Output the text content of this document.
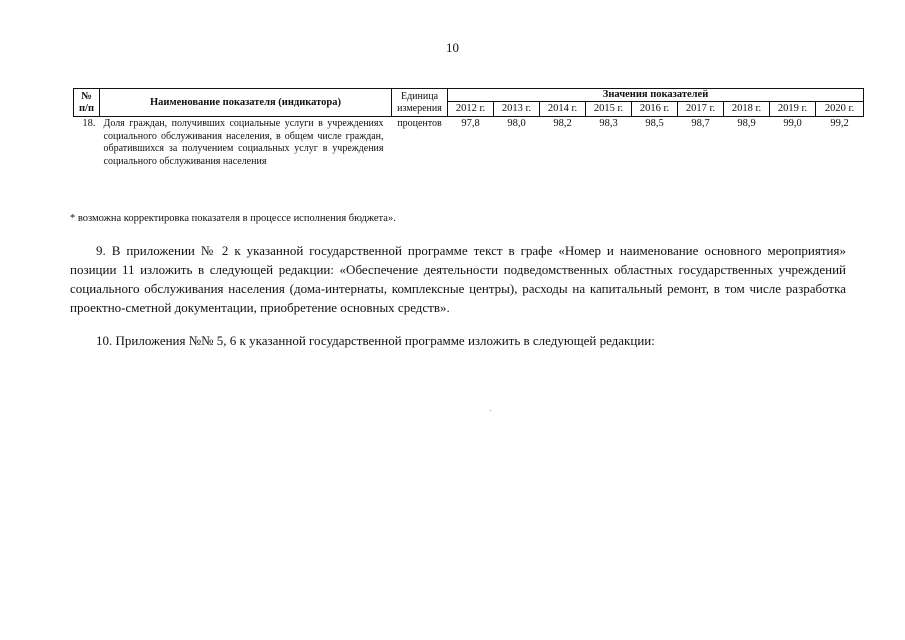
10
№ п/п	Наименование показателя (индикатора)	Единица измерения	Значения показателей								
			2012 г.	2013 г.	2014 г.	2015 г.	2016 г.	2017 г.	2018 г.	2019 г.	2020 г.
18.	Доля граждан, получивших социальные услуги в учреждениях социального обслуживания населения, в общем числе граждан, обратившихся за получением социальных услуг в учреждения социального обслуживания населения	процентов	97,8	98,0	98,2	98,3	98,5	98,7	98,9	99,0	99,2
* возможна корректировка показателя в процессе исполнения бюджета».

9. В приложении № 2 к указанной государственной программе текст в графе «Номер и наименование основного мероприятия» позиции 11 изложить в следующей редакции: «Обеспечение деятельности подведомственных областных государственных учреждений социального обслуживания населения (дома-интернаты, комплексные центры), расходы на капитальный ремонт, в том числе разработка проектно-сметной документации, приобретение основных средств».

10. Приложения №№ 5, 6 к указанной государственной программе изложить в следующей редакции:
